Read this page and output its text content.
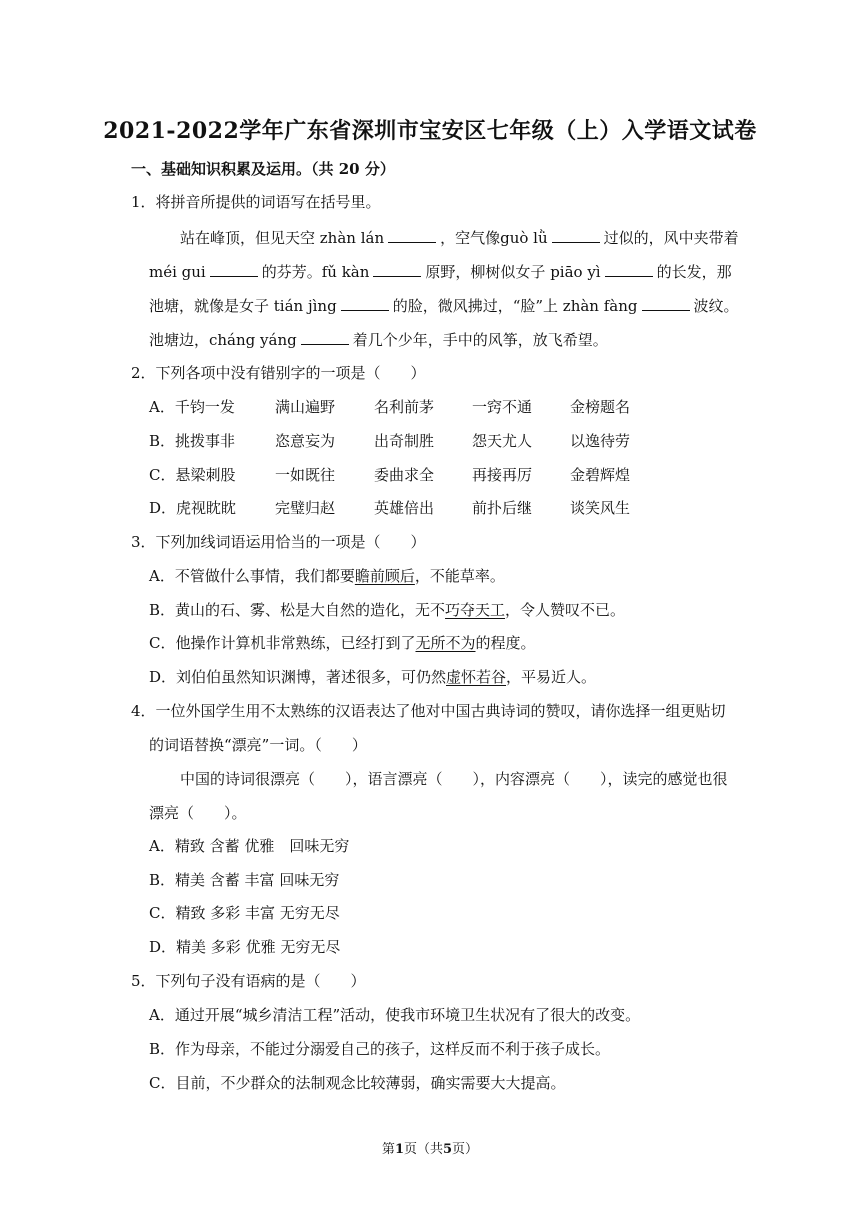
2021-2022学年广东省深圳市宝安区七年级（上）入学语文试卷
一、基础知识积累及运用。（共 20 分）
1．将拼音所提供的词语写在括号里。
站在峰顶，但见天空 zhàn lán	，空气像guò lǜ	过似的，风中夹带着
méi gui	的芬芳。fǔ kàn	原野，柳树似女子 piāo yì	的长发，那
池塘，就像是女子 tián jìng	的脸，微风拂过，“脸”上 zhàn fàng	波纹。
池塘边，cháng yáng	着几个少年，手中的风筝，放飞希望。
2．下列各项中没有错别字的一项是（　　）
A．千钧一发	满山遍野	名利前茅	一窍不通	金榜题名
B．挑拨事非	恣意妄为	出奇制胜	怨天尤人	以逸待劳
C．悬梁刺股	一如既往	委曲求全	再接再厉	金碧辉煌
D．虎视眈眈	完璧归赵	英雄倍出	前扑后继	谈笑风生
3．下列加线词语运用恰当的一项是（　　）
A．不管做什么事情，我们都要瞻前顾后，不能草率。
B．黄山的石、雾、松是大自然的造化，无不巧夺天工，令人赞叹不已。
C．他操作计算机非常熟练，已经打到了无所不为的程度。
D．刘伯伯虽然知识渊博，著述很多，可仍然虚怀若谷，平易近人。
4．一位外国学生用不太熟练的汉语表达了他对中国古典诗词的赞叹，请你选择一组更贴切
的词语替换“漂亮”一词。（　　）
中国的诗词很漂亮（　　），语言漂亮（　　），内容漂亮（　　），读完的感觉也很
漂亮（　　）。
A．精致 含蓄 优雅　回味无穷
B．精美 含蓄 丰富 回味无穷
C．精致 多彩 丰富 无穷无尽
D．精美 多彩 优雅 无穷无尽
5．下列句子没有语病的是（　　）
A．通过开展“城乡清洁工程”活动，使我市环境卫生状况有了很大的改变。
B．作为母亲，不能过分溺爱自己的孩子，这样反而不利于孩子成长。
C．目前，不少群众的法制观念比较薄弱，确实需要大大提高。
第1页（共5页）
